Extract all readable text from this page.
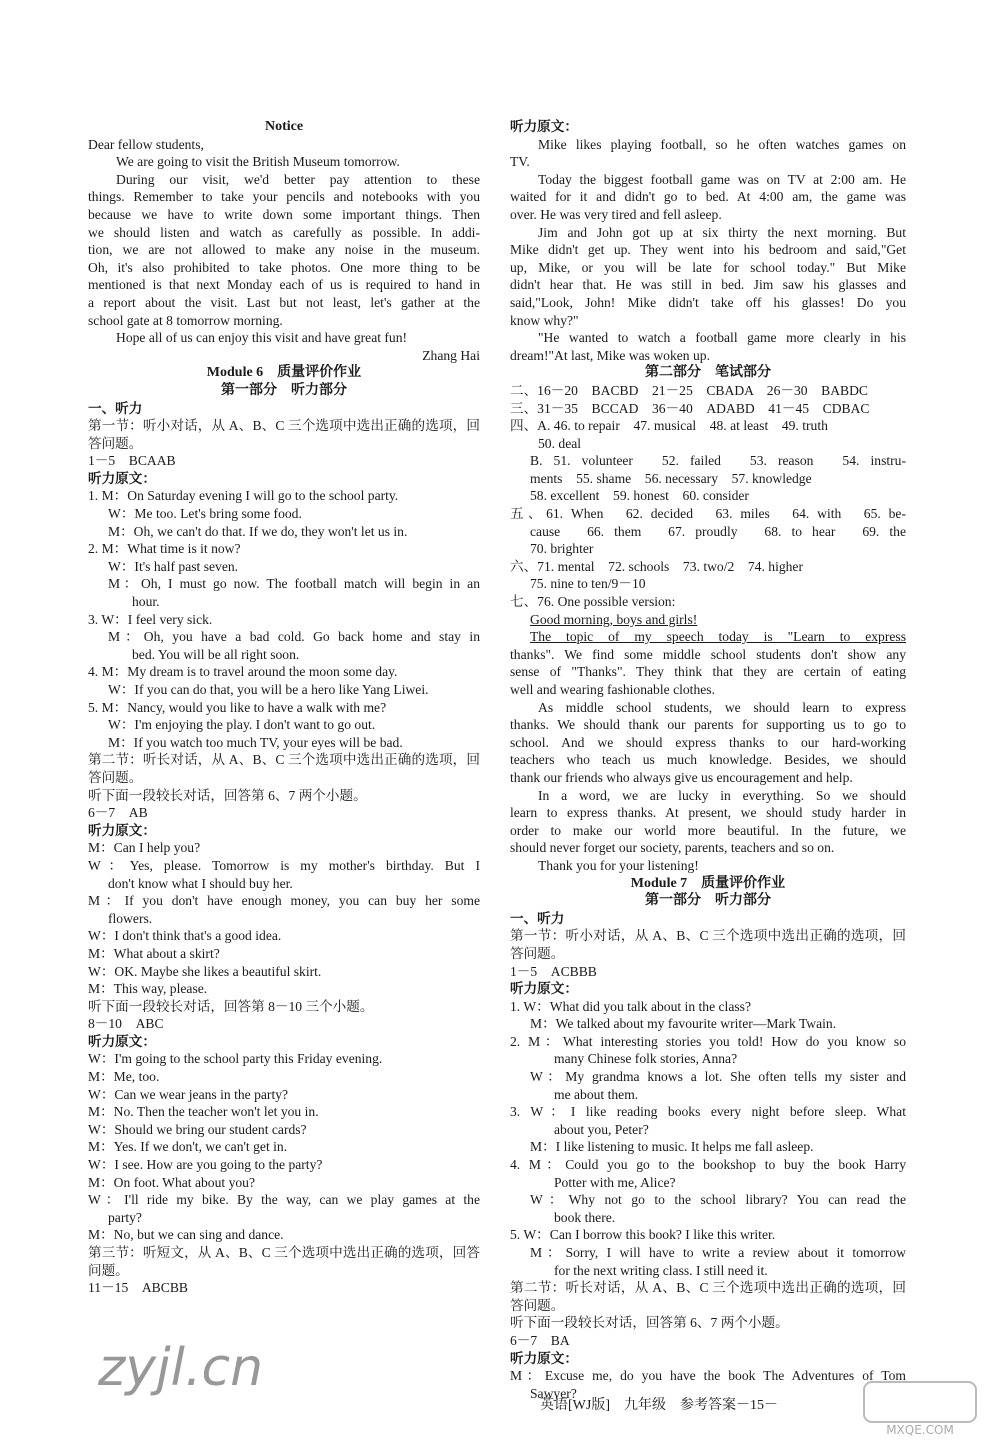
Notice
Dear fellow students,
We are going to visit the British Museum tomorrow.
During our visit, we'd better pay attention to these
things. Remember to take your pencils and notebooks with you
because we have to write down some important things. Then
we should listen and watch as carefully as possible. In addi-
tion, we are not allowed to make any noise in the museum.
Oh, it's also prohibited to take photos. One more thing to be
mentioned is that next Monday each of us is required to hand in
a report about the visit. Last but not least, let's gather at the
school gate at 8 tomorrow morning.
Hope all of us can enjoy this visit and have great fun!
Zhang Hai
Module 6　质量评价作业
第一部分　听力部分
一、听力
第一节：听小对话，从 A、B、C 三个选项中选出正确的选项，回
答问题。
1－5　BCAAB
听力原文：
1. M：On Saturday evening I will go to the school party.
W：Me too. Let's bring some food.
M：Oh, we can't do that. If we do, they won't let us in.
2. M：What time is it now?
W：It's half past seven.
M：Oh, I must go now. The football match will begin in an
hour.
3. W：I feel very sick.
M：Oh, you have a bad cold. Go back home and stay in
bed. You will be all right soon.
4. M：My dream is to travel around the moon some day.
W：If you can do that, you will be a hero like Yang Liwei.
5. M：Nancy, would you like to have a walk with me?
W：I'm enjoying the play. I don't want to go out.
M：If you watch too much TV, your eyes will be bad.
第二节：听长对话，从 A、B、C 三个选项中选出正确的选项，回
答问题。
听下面一段较长对话，回答第 6、7 两个小题。
6－7　AB
听力原文：
M：Can I help you?
W：Yes, please. Tomorrow is my mother's birthday. But I
don't know what I should buy her.
M：If you don't have enough money, you can buy her some
flowers.
W：I don't think that's a good idea.
M：What about a skirt?
W：OK. Maybe she likes a beautiful skirt.
M：This way, please.
听下面一段较长对话，回答第 8－10 三个小题。
8－10　ABC
听力原文：
W：I'm going to the school party this Friday evening.
M：Me, too.
W：Can we wear jeans in the party?
M：No. Then the teacher won't let you in.
W：Should we bring our student cards?
M：Yes. If we don't, we can't get in.
W：I see. How are you going to the party?
M：On foot. What about you?
W：I'll ride my bike. By the way, can we play games at the
party?
M：No, but we can sing and dance.
第三节：听短文，从 A、B、C 三个选项中选出正确的选项，回答
问题。
11－15　ABCBB
听力原文：
Mike likes playing football, so he often watches games on
TV.
Today the biggest football game was on TV at 2:00 am. He
waited for it and didn't go to bed. At 4:00 am, the game was
over. He was very tired and fell asleep.
Jim and John got up at six thirty the next morning. But
Mike didn't get up. They went into his bedroom and said,"Get
up, Mike, or you will be late for school today." But Mike
didn't hear that. He was still in bed. Jim saw his glasses and
said,"Look, John! Mike didn't take off his glasses! Do you
know why?"
"He wanted to watch a football game more clearly in his
dream!"At last, Mike was woken up.
第二部分　笔试部分
二、16－20　BACBD　21－25　CBADA　26－30　BABDC
三、31－35　BCCAD　36－40　ADABD　41－45　CDBAC
四、A. 46. to repair　47. musical　48. at least　49. truth
50. deal
B. 51. volunteer　52. failed　53. reason　54. instru-
ments　55. shame　56. necessary　57. knowledge
58. excellent　59. honest　60. consider
五、61. When　62. decided　63. miles　64. with　65. be-
cause　66. them　67. proudly　68. to hear　69. the
70. brighter
六、71. mental　72. schools　73. two/2　74. higher
75. nine to ten/9－10
七、76. One possible version:
Good morning, boys and girls!
The topic of my speech today is "Learn to express
thanks". We find some middle school students don't show any
sense of "Thanks". They think that they are certain of eating
well and wearing fashionable clothes.
As middle school students, we should learn to express
thanks. We should thank our parents for supporting us to go to
school. And we should express thanks to our hard-working
teachers who teach us much knowledge. Besides, we should
thank our friends who always give us encouragement and help.
In a word, we are lucky in everything. So we should
learn to express thanks. At present, we should study harder in
order to make our world more beautiful. In the future, we
should never forget our society, parents, teachers and so on.
Thank you for your listening!
Module 7　质量评价作业
第一部分　听力部分
一、听力
第一节：听小对话，从 A、B、C 三个选项中选出正确的选项，回
答问题。
1－5　ACBBB
听力原文：
1. W：What did you talk about in the class?
M：We talked about my favourite writer—Mark Twain.
2. M：What interesting stories you told! How do you know so
many Chinese folk stories, Anna?
W：My grandma knows a lot. She often tells my sister and
me about them.
3. W：I like reading books every night before sleep. What
about you, Peter?
M：I like listening to music. It helps me fall asleep.
4. M：Could you go to the bookshop to buy the book Harry
Potter with me, Alice?
W：Why not go to the school library? You can read the
book there.
5. W：Can I borrow this book? I like this writer.
M：Sorry, I will have to write a review about it tomorrow
for the next writing class. I still need it.
第二节：听长对话，从 A、B、C 三个选项中选出正确的选项，回
答问题。
听下面一段较长对话，回答第 6、7 两个小题。
6－7　BA
听力原文：
M：Excuse me, do you have the book The Adventures of Tom
Sawyer?
英语[WJ版]　九年级　参考答案－15－
zyjl.cn
MXQE.COM
